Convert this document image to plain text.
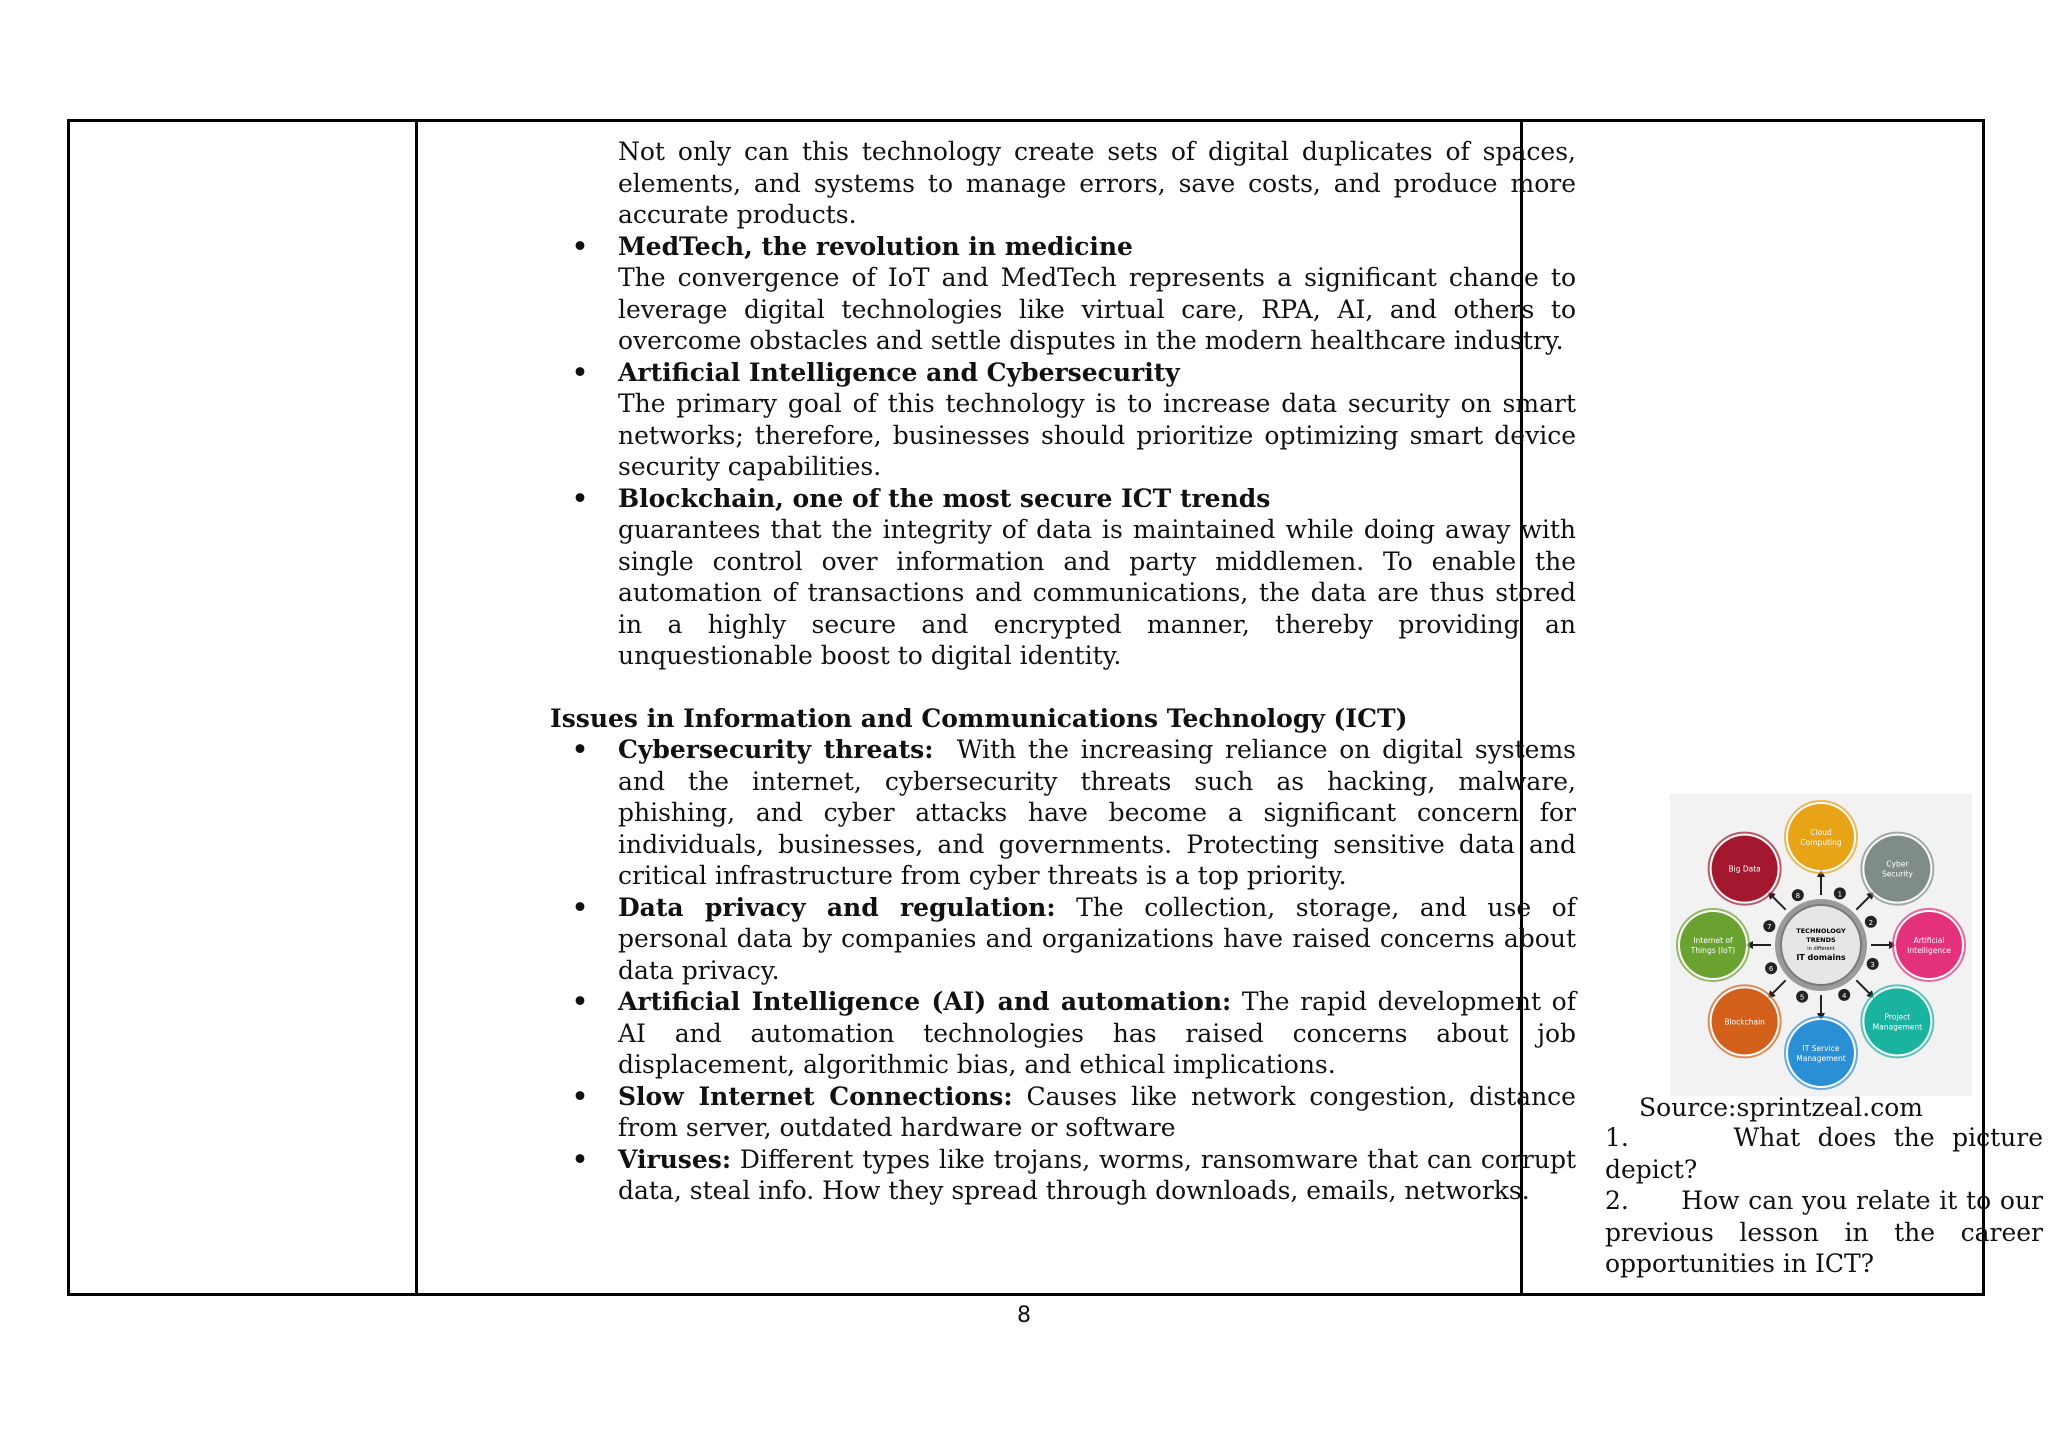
Not only can this technology create sets of digital duplicates of spaces, elements, and systems to manage errors, save costs, and produce more accurate products.

• MedTech, the revolution in medicine

The convergence of IoT and MedTech represents a significant chance to leverage digital technologies like virtual care, RPA, AI, and others to overcome obstacles and settle disputes in the modern healthcare industry.

• Artificial Intelligence and Cybersecurity

The primary goal of this technology is to increase data security on smart networks; therefore, businesses should prioritize optimizing smart device security capabilities.

• Blockchain, one of the most secure ICT trends

guarantees that the integrity of data is maintained while doing away with single control over information and party middlemen. To enable the automation of transactions and communications, the data are thus stored in a highly secure and encrypted manner, thereby providing an unquestionable boost to digital identity.

Issues in Information and Communications Technology (ICT)

• Cybersecurity threats:  With the increasing reliance on digital systems and the internet, cybersecurity threats such as hacking, malware, phishing, and cyber attacks have become a significant concern for individuals, businesses, and governments. Protecting sensitive data and critical infrastructure from cyber threats is a top priority.

• Data privacy and regulation: The collection, storage, and use of personal data by companies and organizations have raised concerns about data privacy.

• Artificial Intelligence (AI) and automation: The rapid development of AI and automation technologies has raised concerns about job displacement, algorithmic bias, and ethical implications.

• Slow Internet Connections: Causes like network congestion, distance from server, outdated hardware or software

• Viruses: Different types like trojans, worms, ransomware that can corrupt data, steal info. How they spread through downloads, emails, networks.

1
2
3
4
5
6
7
8
TECHNOLOGY
TRENDS
in different
IT domains
Cloud
Computing
Cyber
Security
Artificial
Intelligence
Project
Management
IT Service
Management
Blockchain
Internet of
Things (IoT)
Big Data
Source:sprintzeal.com

1.      What does the picture depict?

2.      How can you relate it to our previous lesson in the career opportunities in ICT?

8
